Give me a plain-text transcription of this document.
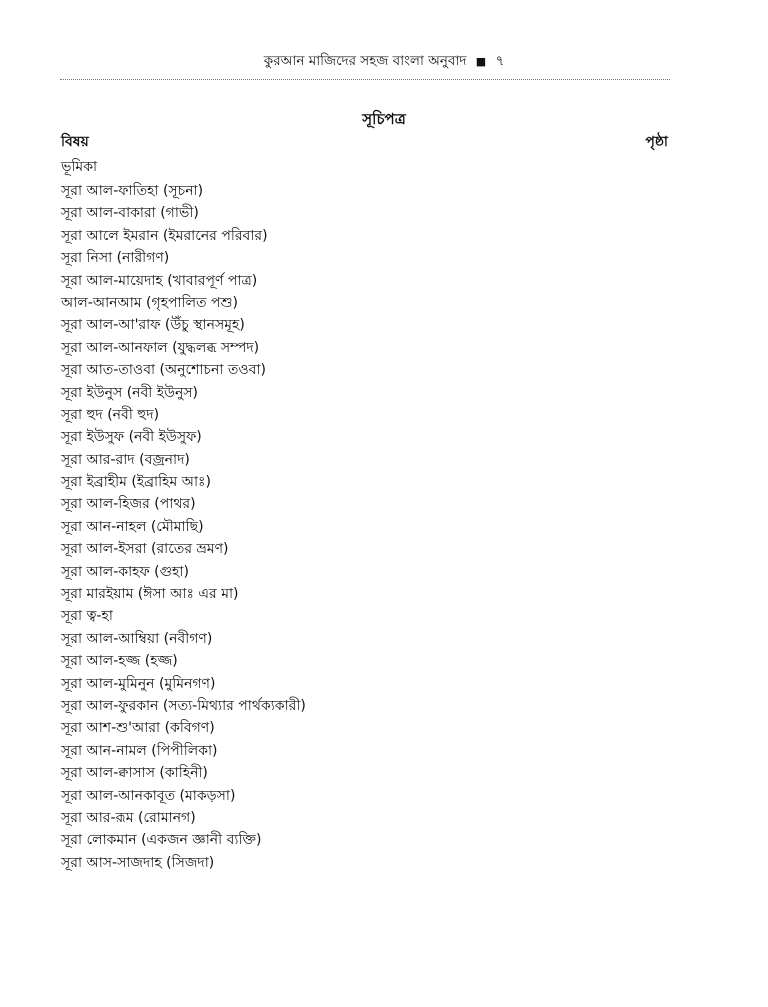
কুরআন মাজিদের সহজ বাংলা অনুবাদ ■ ৭
সূচিপত্র
বিষয়	পৃষ্ঠা
ভূমিকা
সূরা আল-ফাতিহা (সূচনা)
সূরা আল-বাকারা (গাভী)
সূরা আলে ইমরান (ইমরানের পরিবার)
সূরা নিসা (নারীগণ)
সূরা আল-মায়েদাহ (খাবারপূর্ণ পাত্র)
আল-আনআম (গৃহপালিত পশু)
সূরা আল-আ'রাফ (উঁচু স্থানসমূহ)
সূরা আল-আনফাল (যুদ্ধলব্ধ সম্পদ)
সূরা আত-তাওবা (অনুশোচনা তওবা)
সূরা ইউনুস (নবী ইউনুস)
সূরা হুদ (নবী হুদ)
সূরা ইউসুফ (নবী ইউসুফ)
সূরা আর-রাদ (বজ্রনাদ)
সূরা ইব্রাহীম (ইব্রাহিম আঃ)
সূরা আল-হিজর (পাথর)
সূরা আন-নাহল (মৌমাছি)
সূরা আল-ইসরা (রাতের ভ্রমণ)
সূরা আল-কাহফ (গুহা)
সূরা মারইয়াম (ঈসা আঃ এর মা)
সূরা ত্ব-হা
সূরা আল-আম্বিয়া (নবীগণ)
সূরা আল-হজ্জ (হজ্জ)
সূরা আল-মুমিনুন (মুমিনগণ)
সূরা আল-ফুরকান (সত্য-মিথ্যার পার্থক্যকারী)
সূরা আশ-শু'আরা (কবিগণ)
সূরা আন-নামল (পিপীলিকা)
সূরা আল-ক্বাসাস (কাহিনী)
সূরা আল-আনকাবূত (মাকড়সা)
সূরা আর-রূম (রোমানগ)
সূরা লোকমান (একজন জ্ঞানী ব্যক্তি)
সূরা আস-সাজদাহ (সিজদা)
